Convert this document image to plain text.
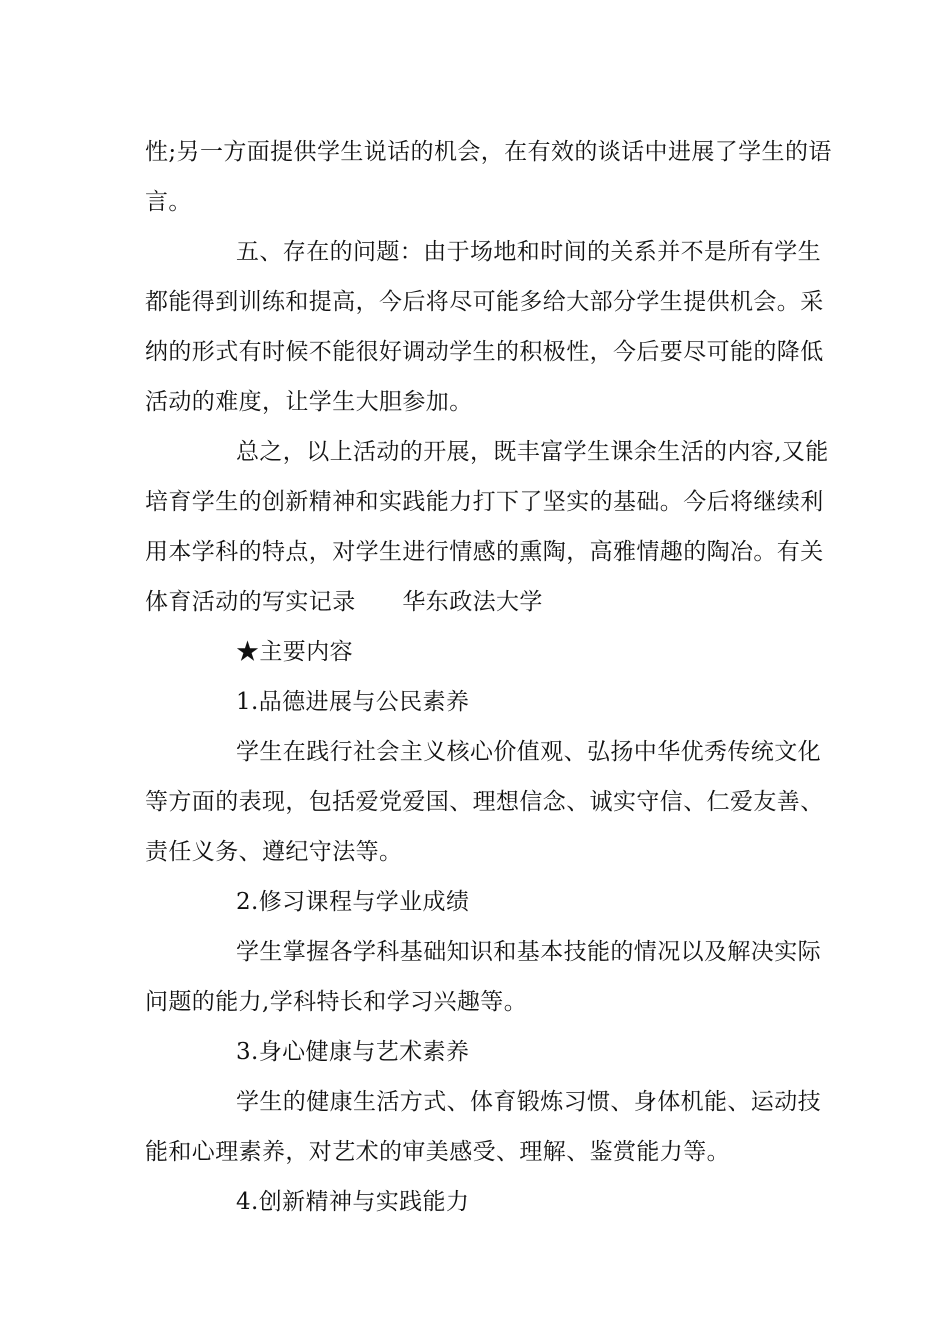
性;另一方面提供学生说话的机会，在有效的谈话中进展了学生的语
言。
五、存在的问题：由于场地和时间的关系并不是所有学生
都能得到训练和提高，今后将尽可能多给大部分学生提供机会。采
纳的形式有时候不能很好调动学生的积极性，今后要尽可能的降低
活动的难度，让学生大胆参加。
总之，以上活动的开展，既丰富学生课余生活的内容,又能
培育学生的创新精神和实践能力打下了坚实的基础。今后将继续利
用本学科的特点，对学生进行情感的熏陶，高雅情趣的陶冶。有关
体育活动的写实记录　　华东政法大学
★主要内容
1.品德进展与公民素养
学生在践行社会主义核心价值观、弘扬中华优秀传统文化
等方面的表现，包括爱党爱国、理想信念、诚实守信、仁爱友善、
责任义务、遵纪守法等。
2.修习课程与学业成绩
学生掌握各学科基础知识和基本技能的情况以及解决实际
问题的能力,学科特长和学习兴趣等。
3.身心健康与艺术素养
学生的健康生活方式、体育锻炼习惯、身体机能、运动技
能和心理素养，对艺术的审美感受、理解、鉴赏能力等。
4.创新精神与实践能力
